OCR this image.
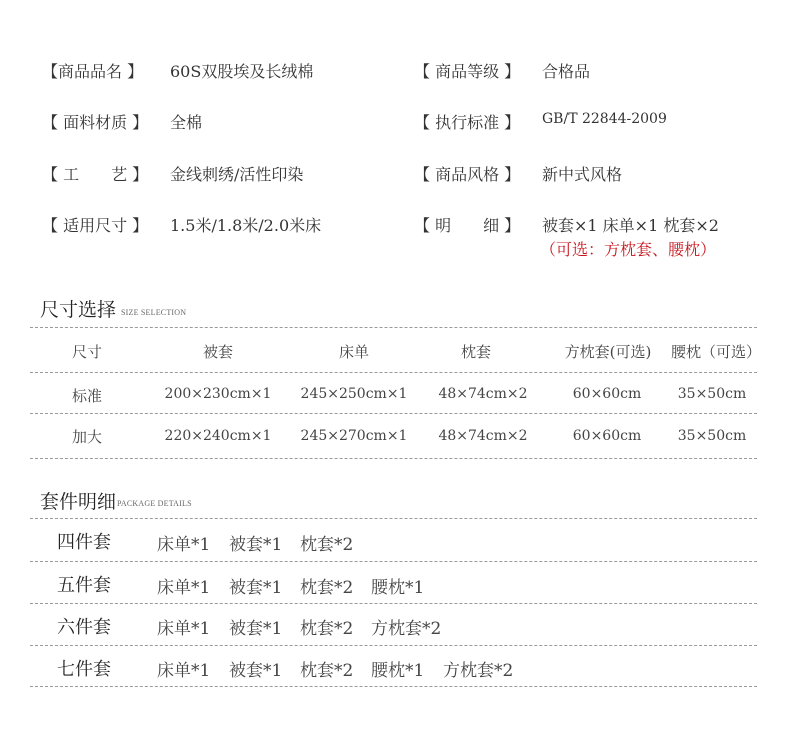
【商品品名 】 60S双股埃及长绒棉	【 商品等级 】 合格品
【 面料材质 】 全棉	【 执行标准 】 GB/T 22844-2009
【 工　　艺 】 金线刺绣/活性印染	【 商品风格 】 新中式风格
【 适用尺寸 】 1.5米/1.8米/2.0米床	【 明　　细 】 被套×1 床单×1 枕套×2
（可选：方枕套、腰枕）
尺寸选择 SIZE SELECTION
尺寸	被套	床单	枕套	方枕套(可选)	腰枕（可选）
标准	200×230cm×1	245×250cm×1	48×74cm×2	60×60cm	35×50cm
加大	220×240cm×1	245×270cm×1	48×74cm×2	60×60cm	35×50cm
套件明细 PACKAGE DETAILS
四件套	床单*1 被套*1 枕套*2
五件套	床单*1 被套*1 枕套*2 腰枕*1
六件套	床单*1 被套*1 枕套*2 方枕套*2
七件套	床单*1 被套*1 枕套*2 腰枕*1 方枕套*2
